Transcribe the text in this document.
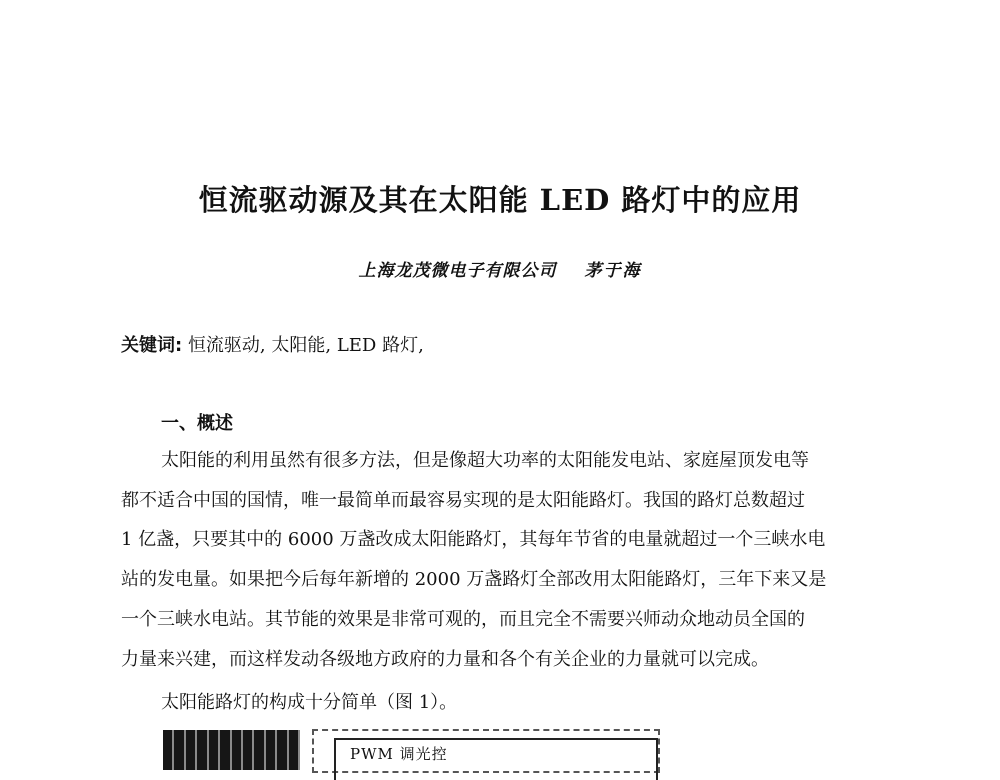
恒流驱动源及其在太阳能 LED 路灯中的应用
上海龙茂微电子有限公司 茅于海
关键词: 恒流驱动, 太阳能, LED 路灯,
一、概述
太阳能的利用虽然有很多方法，但是像超大功率的太阳能发电站、家庭屋顶发电等
都不适合中国的国情，唯一最简单而最容易实现的是太阳能路灯。我国的路灯总数超过
1 亿盏，只要其中的 6000 万盏改成太阳能路灯，其每年节省的电量就超过一个三峡水电
站的发电量。如果把今后每年新增的 2000 万盏路灯全部改用太阳能路灯，三年下来又是
一个三峡水电站。其节能的效果是非常可观的，而且完全不需要兴师动众地动员全国的
力量来兴建，而这样发动各级地方政府的力量和各个有关企业的力量就可以完成。
太阳能路灯的构成十分简单（图 1）。
PWM 调光控
